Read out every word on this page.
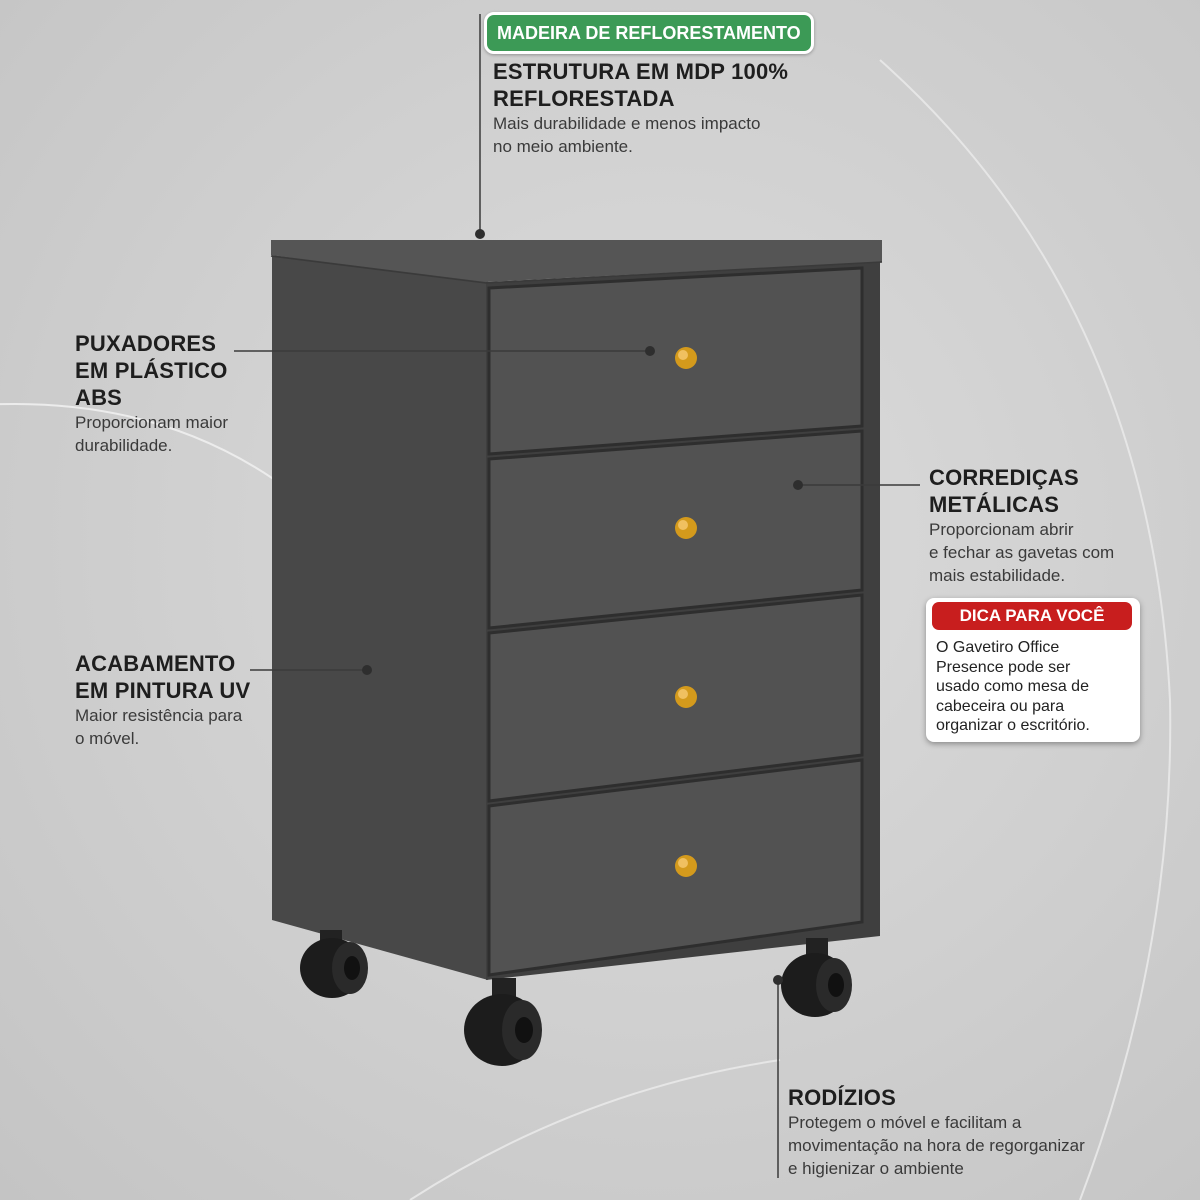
MADEIRA DE REFLORESTAMENTO
ESTRUTURA EM MDP 100%
REFLORESTADA
Mais durabilidade e menos impacto
no meio ambiente.
PUXADORES
EM PLÁSTICO
ABS
Proporcionam maior
durabilidade.
CORREDIÇAS
METÁLICAS
Proporcionam abrir
e fechar as gavetas com
mais estabilidade.
DICA PARA VOCÊ
O Gavetiro Office
Presence pode ser
usado como mesa de
cabeceira ou para
organizar o escritório.
ACABAMENTO
EM PINTURA UV
Maior resistência para
o móvel.
RODÍZIOS
Protegem o móvel e facilitam a
movimentação na hora de regorganizar
e higienizar o ambiente
